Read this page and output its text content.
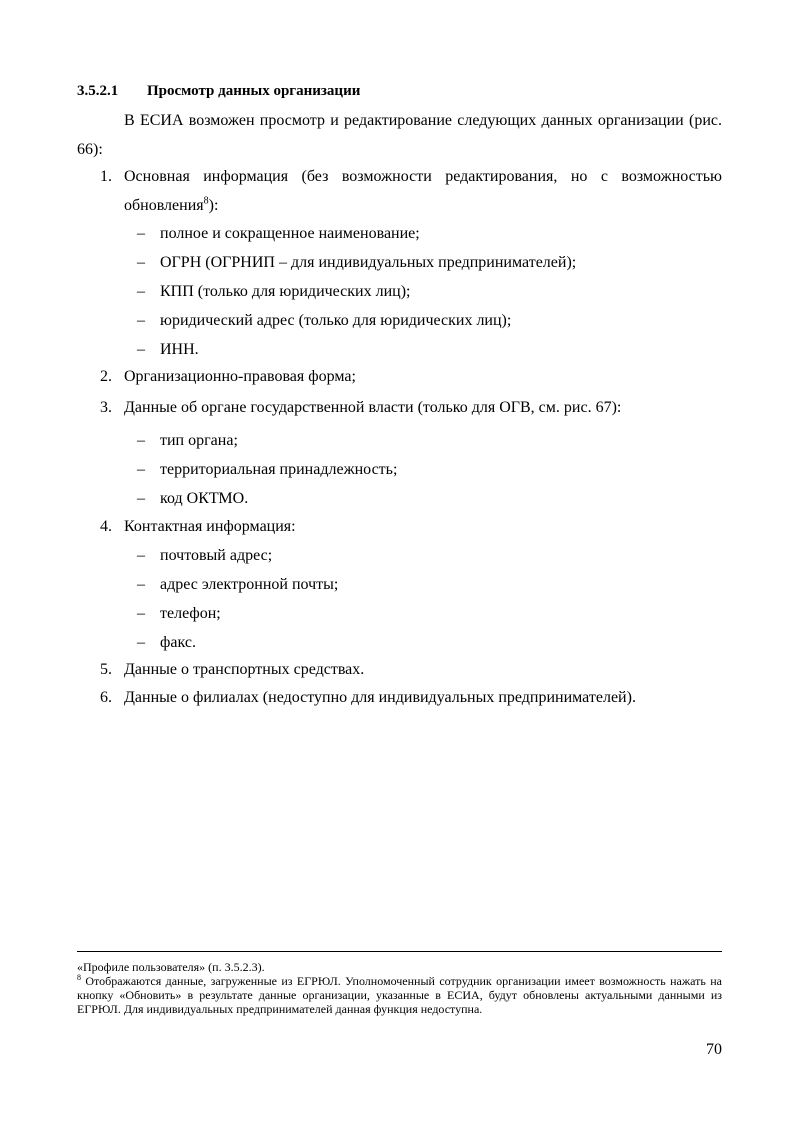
3.5.2.1 Просмотр данных организации

В ЕСИА возможен просмотр и редактирование следующих данных организации (рис. 66):

1. Основная информация (без возможности редактирования, но с возможностью обновления$^8$):

– полное и сокращенное наименование;
– ОГРН (ОГРНИП – для индивидуальных предпринимателей);
– КПП (только для юридических лиц);
– юридический адрес (только для юридических лиц);
– ИНН.
2. Организационно-правовая форма;
3. Данные об органе государственной власти (только для ОГВ, см. рис. 67):
– тип органа;
– территориальная принадлежность;
– код ОКТМО.
4. Контактная информация:
– почтовый адрес;
– адрес электронной почты;
– телефон;
– факс.
5. Данные о транспортных средствах.
6. Данные о филиалах (недоступно для индивидуальных предпринимателей).

«Профиле пользователя» (п. 3.5.2.3).

$^8$ Отображаются данные, загруженные из ЕГРЮЛ. Уполномоченный сотрудник организации имеет возможность нажать на кнопку «Обновить» в результате данные организации, указанные в ЕСИА, будут обновлены актуальными данными из ЕГРЮЛ. Для индивидуальных предпринимателей данная функция недоступна.

70
